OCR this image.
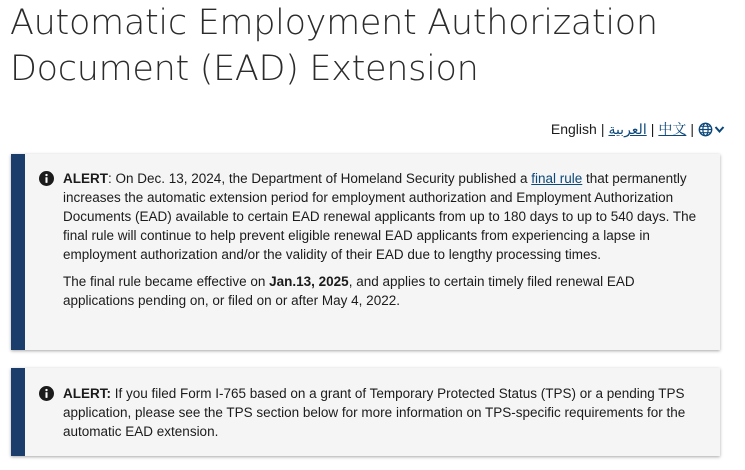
Automatic Employment Authorization Document (EAD) Extension
English | العربية | 中文 |

ALERT: On Dec. 13, 2024, the Department of Homeland Security published a final rule that permanently increases the automatic extension period for employment authorization and Employment Authorization Documents (EAD) available to certain EAD renewal applicants from up to 180 days to up to 540 days. The final rule will continue to help prevent eligible renewal EAD applicants from experiencing a lapse in employment authorization and/or the validity of their EAD due to lengthy processing times.

The final rule became effective on Jan.13, 2025, and applies to certain timely filed renewal EAD applications pending on, or filed on or after May 4, 2022.

ALERT: If you filed Form I-765 based on a grant of Temporary Protected Status (TPS) or a pending TPS application, please see the TPS section below for more information on TPS-specific requirements for the automatic EAD extension.
